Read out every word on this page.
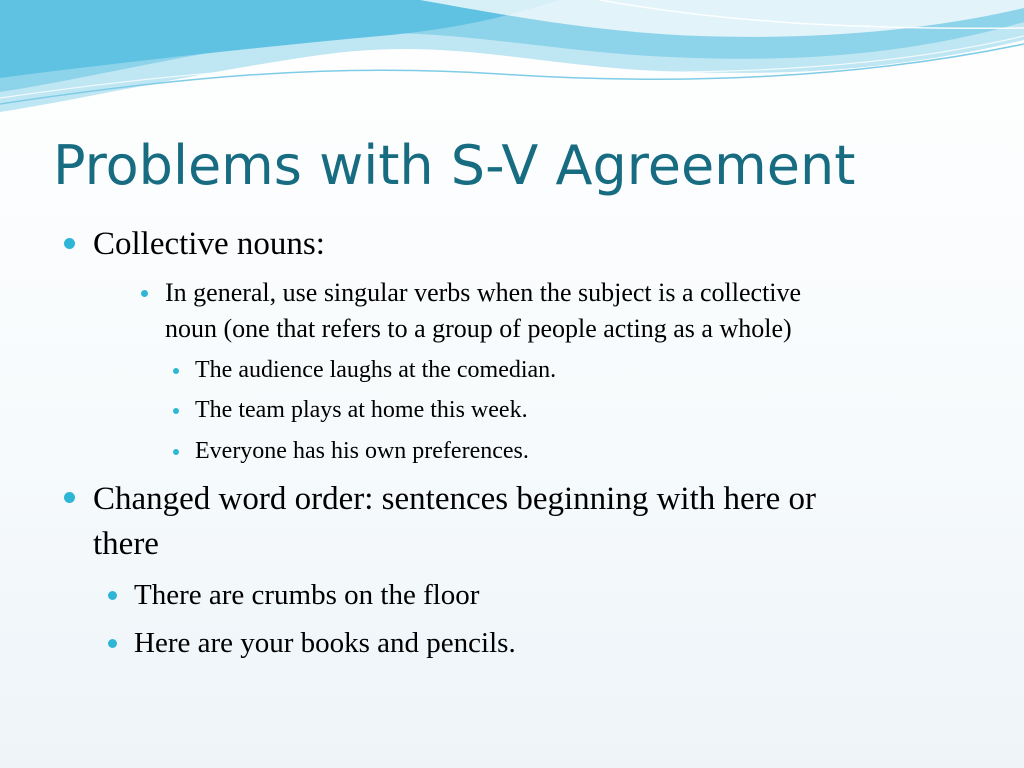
Problems with S-V Agreement
Collective nouns:
In general, use singular verbs when the subject is a collective
noun (one that refers to a group of people acting as a whole)
The audience laughs at the comedian.
The team plays at home this week.
Everyone has his own preferences.
Changed word order: sentences beginning with here or
there
There are crumbs on the floor
Here are your books and pencils.
